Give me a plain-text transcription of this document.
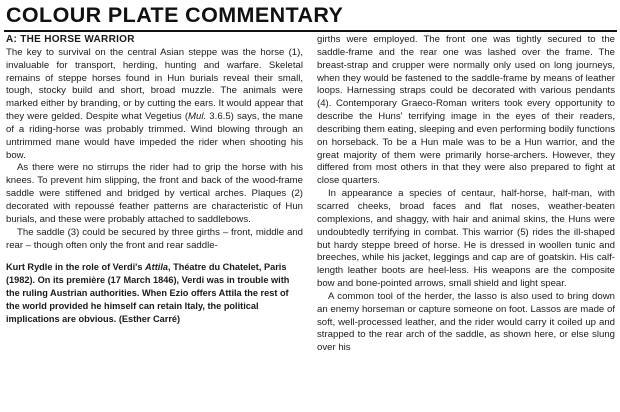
COLOUR PLATE COMMENTARY
A: THE HORSE WARRIOR

The key to survival on the central Asian steppe was the horse (1), invaluable for transport, herding, hunting and warfare. Skeletal remains of steppe horses found in Hun burials reveal their small, tough, stocky build and short, broad muzzle. The animals were marked either by branding, or by cutting the ears. It would appear that they were gelded. Despite what Vegetius (Mul. 3.6.5) says, the mane of a riding-horse was probably trimmed. Wind blowing through an untrimmed mane would have impeded the rider when shooting his bow.

As there were no stirrups the rider had to grip the horse with his knees. To prevent him slipping, the front and back of the wood-frame saddle were stiffened and bridged by vertical arches. Plaques (2) decorated with repoussé feather patterns are characteristic of Hun burials, and these were probably attached to saddlebows.

The saddle (3) could be secured by three girths – front, middle and rear – though often only the front and rear saddle-

Kurt Rydle in the role of Verdi's Attila, Théatre du Chatelet, Paris (1982). On its première (17 March 1846), Verdi was in trouble with the ruling Austrian authorities. When Ezio offers Attila the rest of the world provided he himself can retain Italy, the political implications are obvious. (Esther Carré)

girths were employed. The front one was tightly secured to the saddle-frame and the rear one was lashed over the frame. The breast-strap and crupper were normally only used on long journeys, when they would be fastened to the saddle-frame by means of leather loops. Harnessing straps could be decorated with various pendants (4). Contemporary Graeco-Roman writers took every opportunity to describe the Huns' terrifying image in the eyes of their readers, describing them eating, sleeping and even performing bodily functions on horseback. To be a Hun male was to be a Hun warrior, and the great majority of them were primarily horse-archers. However, they differed from most others in that they were also prepared to fight at close quarters.

In appearance a species of centaur, half-horse, half-man, with scarred cheeks, broad faces and flat noses, weather-beaten complexions, and shaggy, with hair and animal skins, the Huns were undoubtedly terrifying in combat. This warrior (5) rides the ill-shaped but hardy steppe breed of horse. He is dressed in woollen tunic and breeches, while his jacket, leggings and cap are of goatskin. His calf-length leather boots are heel-less. His weapons are the composite bow and bone-pointed arrows, small shield and light spear.

A common tool of the herder, the lasso is also used to bring down an enemy horseman or capture someone on foot. Lassos are made of soft, well-processed leather, and the rider would carry it coiled up and strapped to the rear arch of the saddle, as shown here, or else slung over his
